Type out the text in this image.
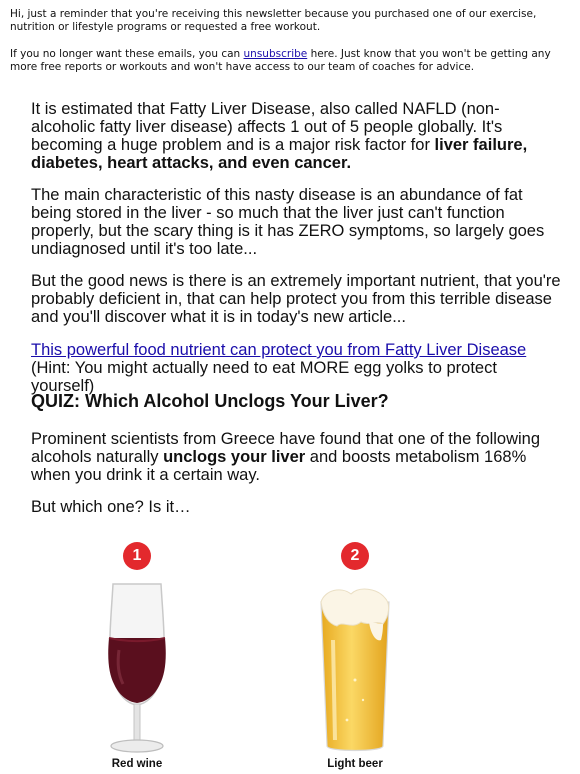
Hi, just a reminder that you're receiving this newsletter because you purchased one of our exercise, nutrition or lifestyle programs or requested a free workout.

If you no longer want these emails, you can unsubscribe here. Just know that you won't be getting any more free reports or workouts and won't have access to our team of coaches for advice.

It is estimated that Fatty Liver Disease, also called NAFLD (non-alcoholic fatty liver disease) affects 1 out of 5 people globally. It's becoming a huge problem and is a major risk factor for liver failure, diabetes, heart attacks, and even cancer.

The main characteristic of this nasty disease is an abundance of fat being stored in the liver - so much that the liver just can't function properly, but the scary thing is it has ZERO symptoms, so largely goes undiagnosed until it's too late...

But the good news is there is an extremely important nutrient, that you're probably deficient in, that can help protect you from this terrible disease and you'll discover what it is in today's new article...

This powerful food nutrient can protect you from Fatty Liver Disease (Hint: You might actually need to eat MORE egg yolks to protect yourself)

QUIZ: Which Alcohol Unclogs Your Liver?

Prominent scientists from Greece have found that one of the following alcohols naturally unclogs your liver and boosts metabolism 168% when you drink it a certain way.

But which one? Is it…

1
Red wine
2
Light beer
